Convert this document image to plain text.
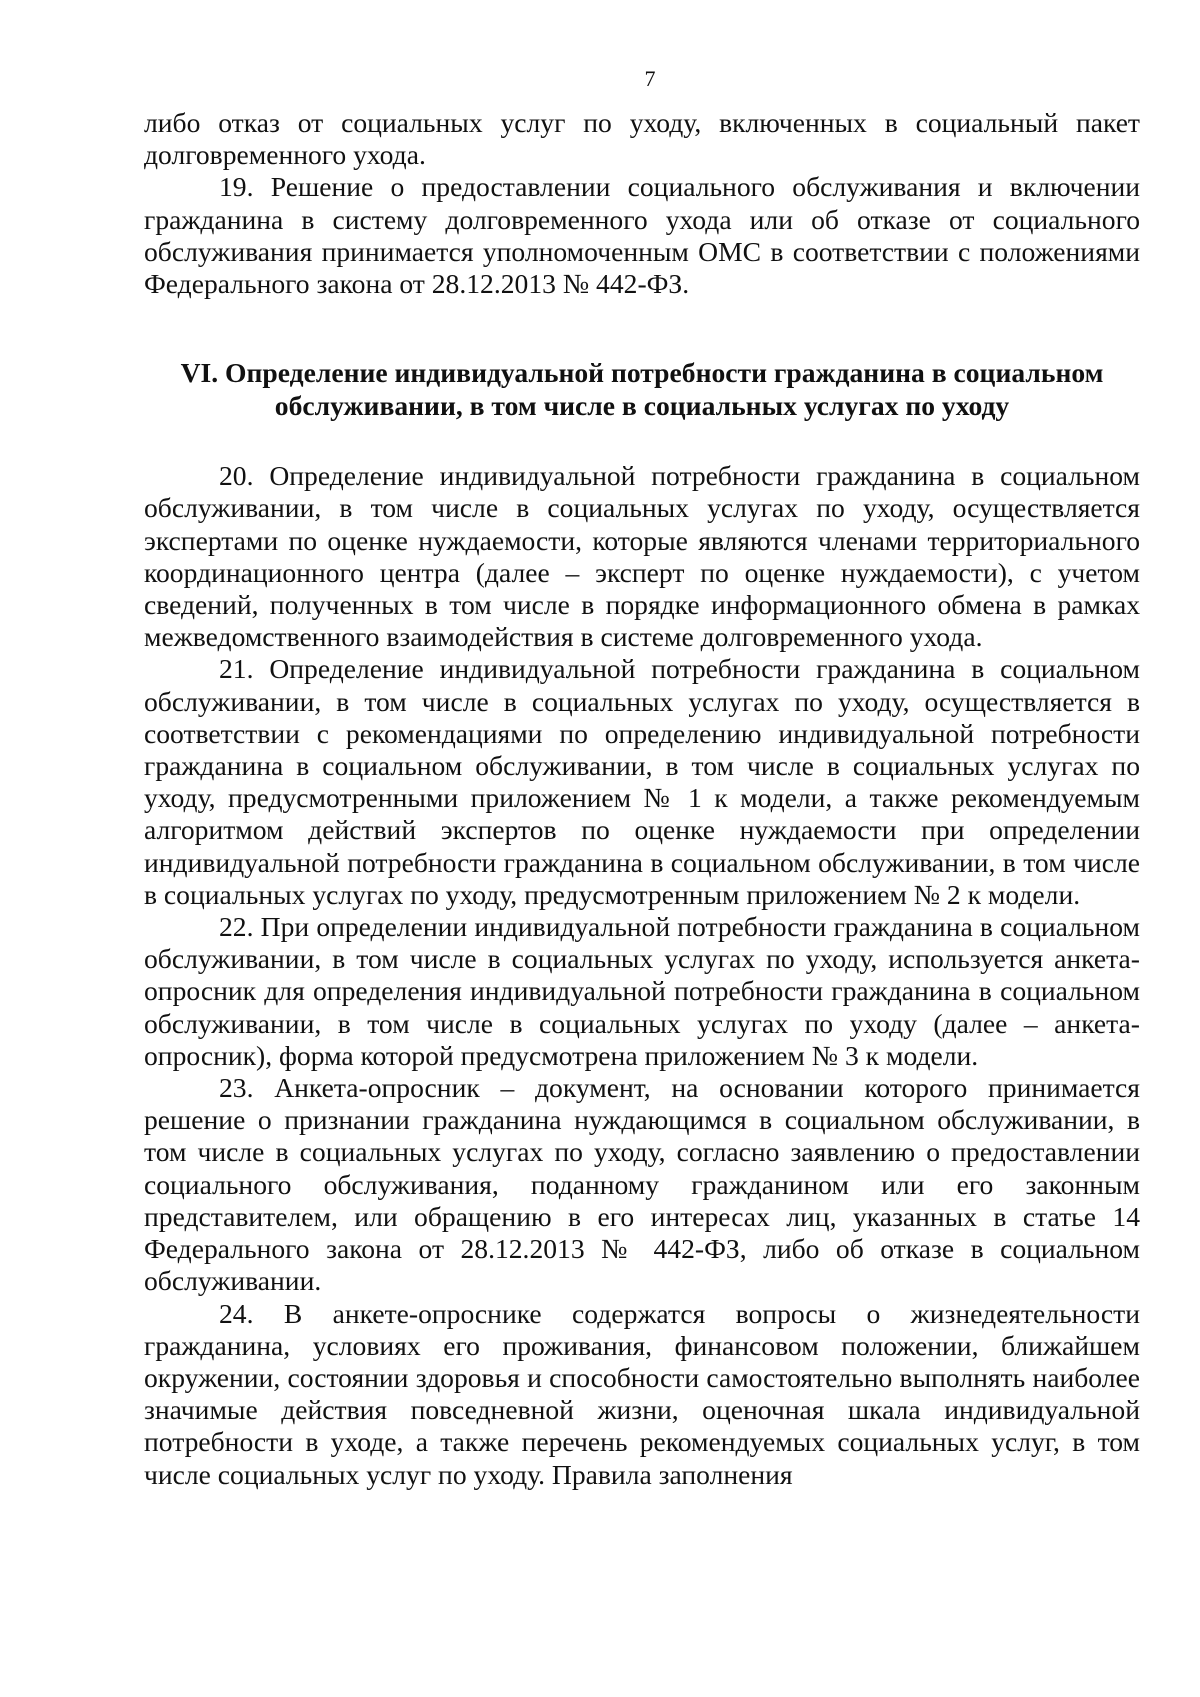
7

либо отказ от социальных услуг по уходу, включенных в социальный пакет долговременного ухода.

19. Решение о предоставлении социального обслуживания и включении гражданина в систему долговременного ухода или об отказе от социального обслуживания принимается уполномоченным ОМС в соответствии с положениями Федерального закона от 28.12.2013 № 442-ФЗ.

VI. Определение индивидуальной потребности гражданина в социальном
обслуживании, в том числе в социальных услугах по уходу

20. Определение индивидуальной потребности гражданина в социальном обслуживании, в том числе в социальных услугах по уходу, осуществляется экспертами по оценке нуждаемости, которые являются членами территориального координационного центра (далее – эксперт по оценке нуждаемости), с учетом сведений, полученных в том числе в порядке информационного обмена в рамках межведомственного взаимодействия в системе долговременного ухода.

21. Определение индивидуальной потребности гражданина в социальном обслуживании, в том числе в социальных услугах по уходу, осуществляется в соответствии с рекомендациями по определению индивидуальной потребности гражданина в социальном обслуживании, в том числе в социальных услугах по уходу, предусмотренными приложением № 1 к модели, а также рекомендуемым алгоритмом действий экспертов по оценке нуждаемости при определении индивидуальной потребности гражданина в социальном обслуживании, в том числе в социальных услугах по уходу, предусмотренным приложением № 2 к модели.

22. При определении индивидуальной потребности гражданина в социальном обслуживании, в том числе в социальных услугах по уходу, используется анкета-опросник для определения индивидуальной потребности гражданина в социальном обслуживании, в том числе в социальных услугах по уходу (далее – анкета-опросник), форма которой предусмотрена приложением № 3 к модели.

23. Анкета-опросник – документ, на основании которого принимается решение о признании гражданина нуждающимся в социальном обслуживании, в том числе в социальных услугах по уходу, согласно заявлению о предоставлении социального обслуживания, поданному гражданином или его законным представителем, или обращению в его интересах лиц, указанных в статье 14 Федерального закона от 28.12.2013 № 442-ФЗ, либо об отказе в социальном обслуживании.

24. В анкете-опроснике содержатся вопросы о жизнедеятельности гражданина, условиях его проживания, финансовом положении, ближайшем окружении, состоянии здоровья и способности самостоятельно выполнять наиболее значимые действия повседневной жизни, оценочная шкала индивидуальной потребности в уходе, а также перечень рекомендуемых социальных услуг, в том числе социальных услуг по уходу. Правила заполнения
